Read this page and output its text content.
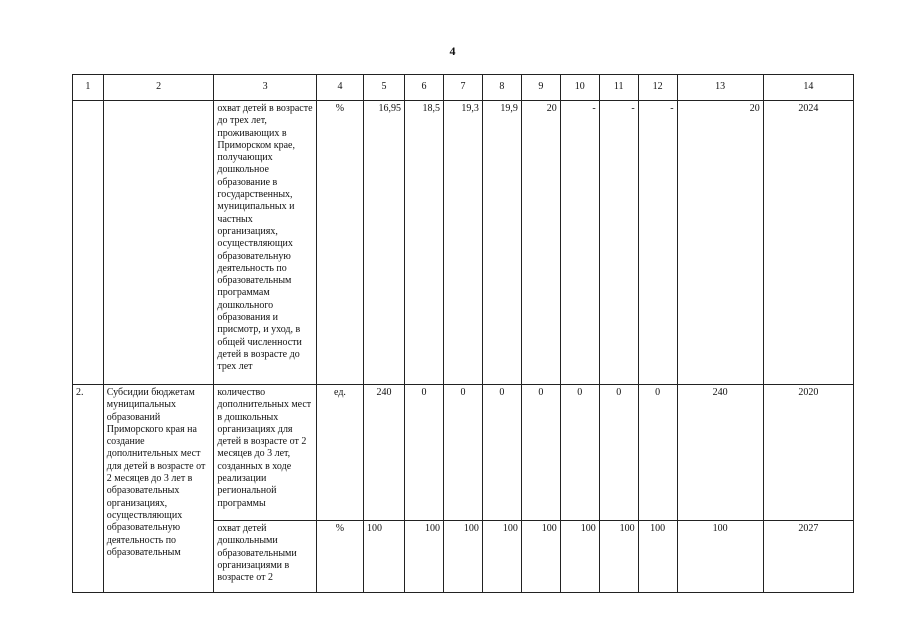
4
1	2	3	4	5	6	7	8	9	10	11	12	13	14
		охват детей в возрасте до трех лет, проживающих в Приморском крае, получающих дошкольное образование в государственных, муниципальных и частных организациях, осуществляющих образовательную деятельность по образовательным программам дошкольного образования и присмотр, и уход, в общей численности детей в возрасте до трех лет	%	16,95	18,5	19,3	19,9	20	-	-	-	20	2024
2.	Субсидии бюджетам муниципальных образований Приморского края на создание дополнительных мест для детей в возрасте от 2 месяцев до 3 лет в образовательных организациях, осуществляющих образовательную деятельность по образовательным	количество дополнительных мест в дошкольных организациях для детей в возрасте от 2 месяцев до 3 лет, созданных в ходе реализации региональной программы	ед.	240	0	0	0	0	0	0	0	240	2020
		охват детей дошкольными образовательными организациями в возрасте от 2	%	100	100	100	100	100	100	100	100	100	2027
